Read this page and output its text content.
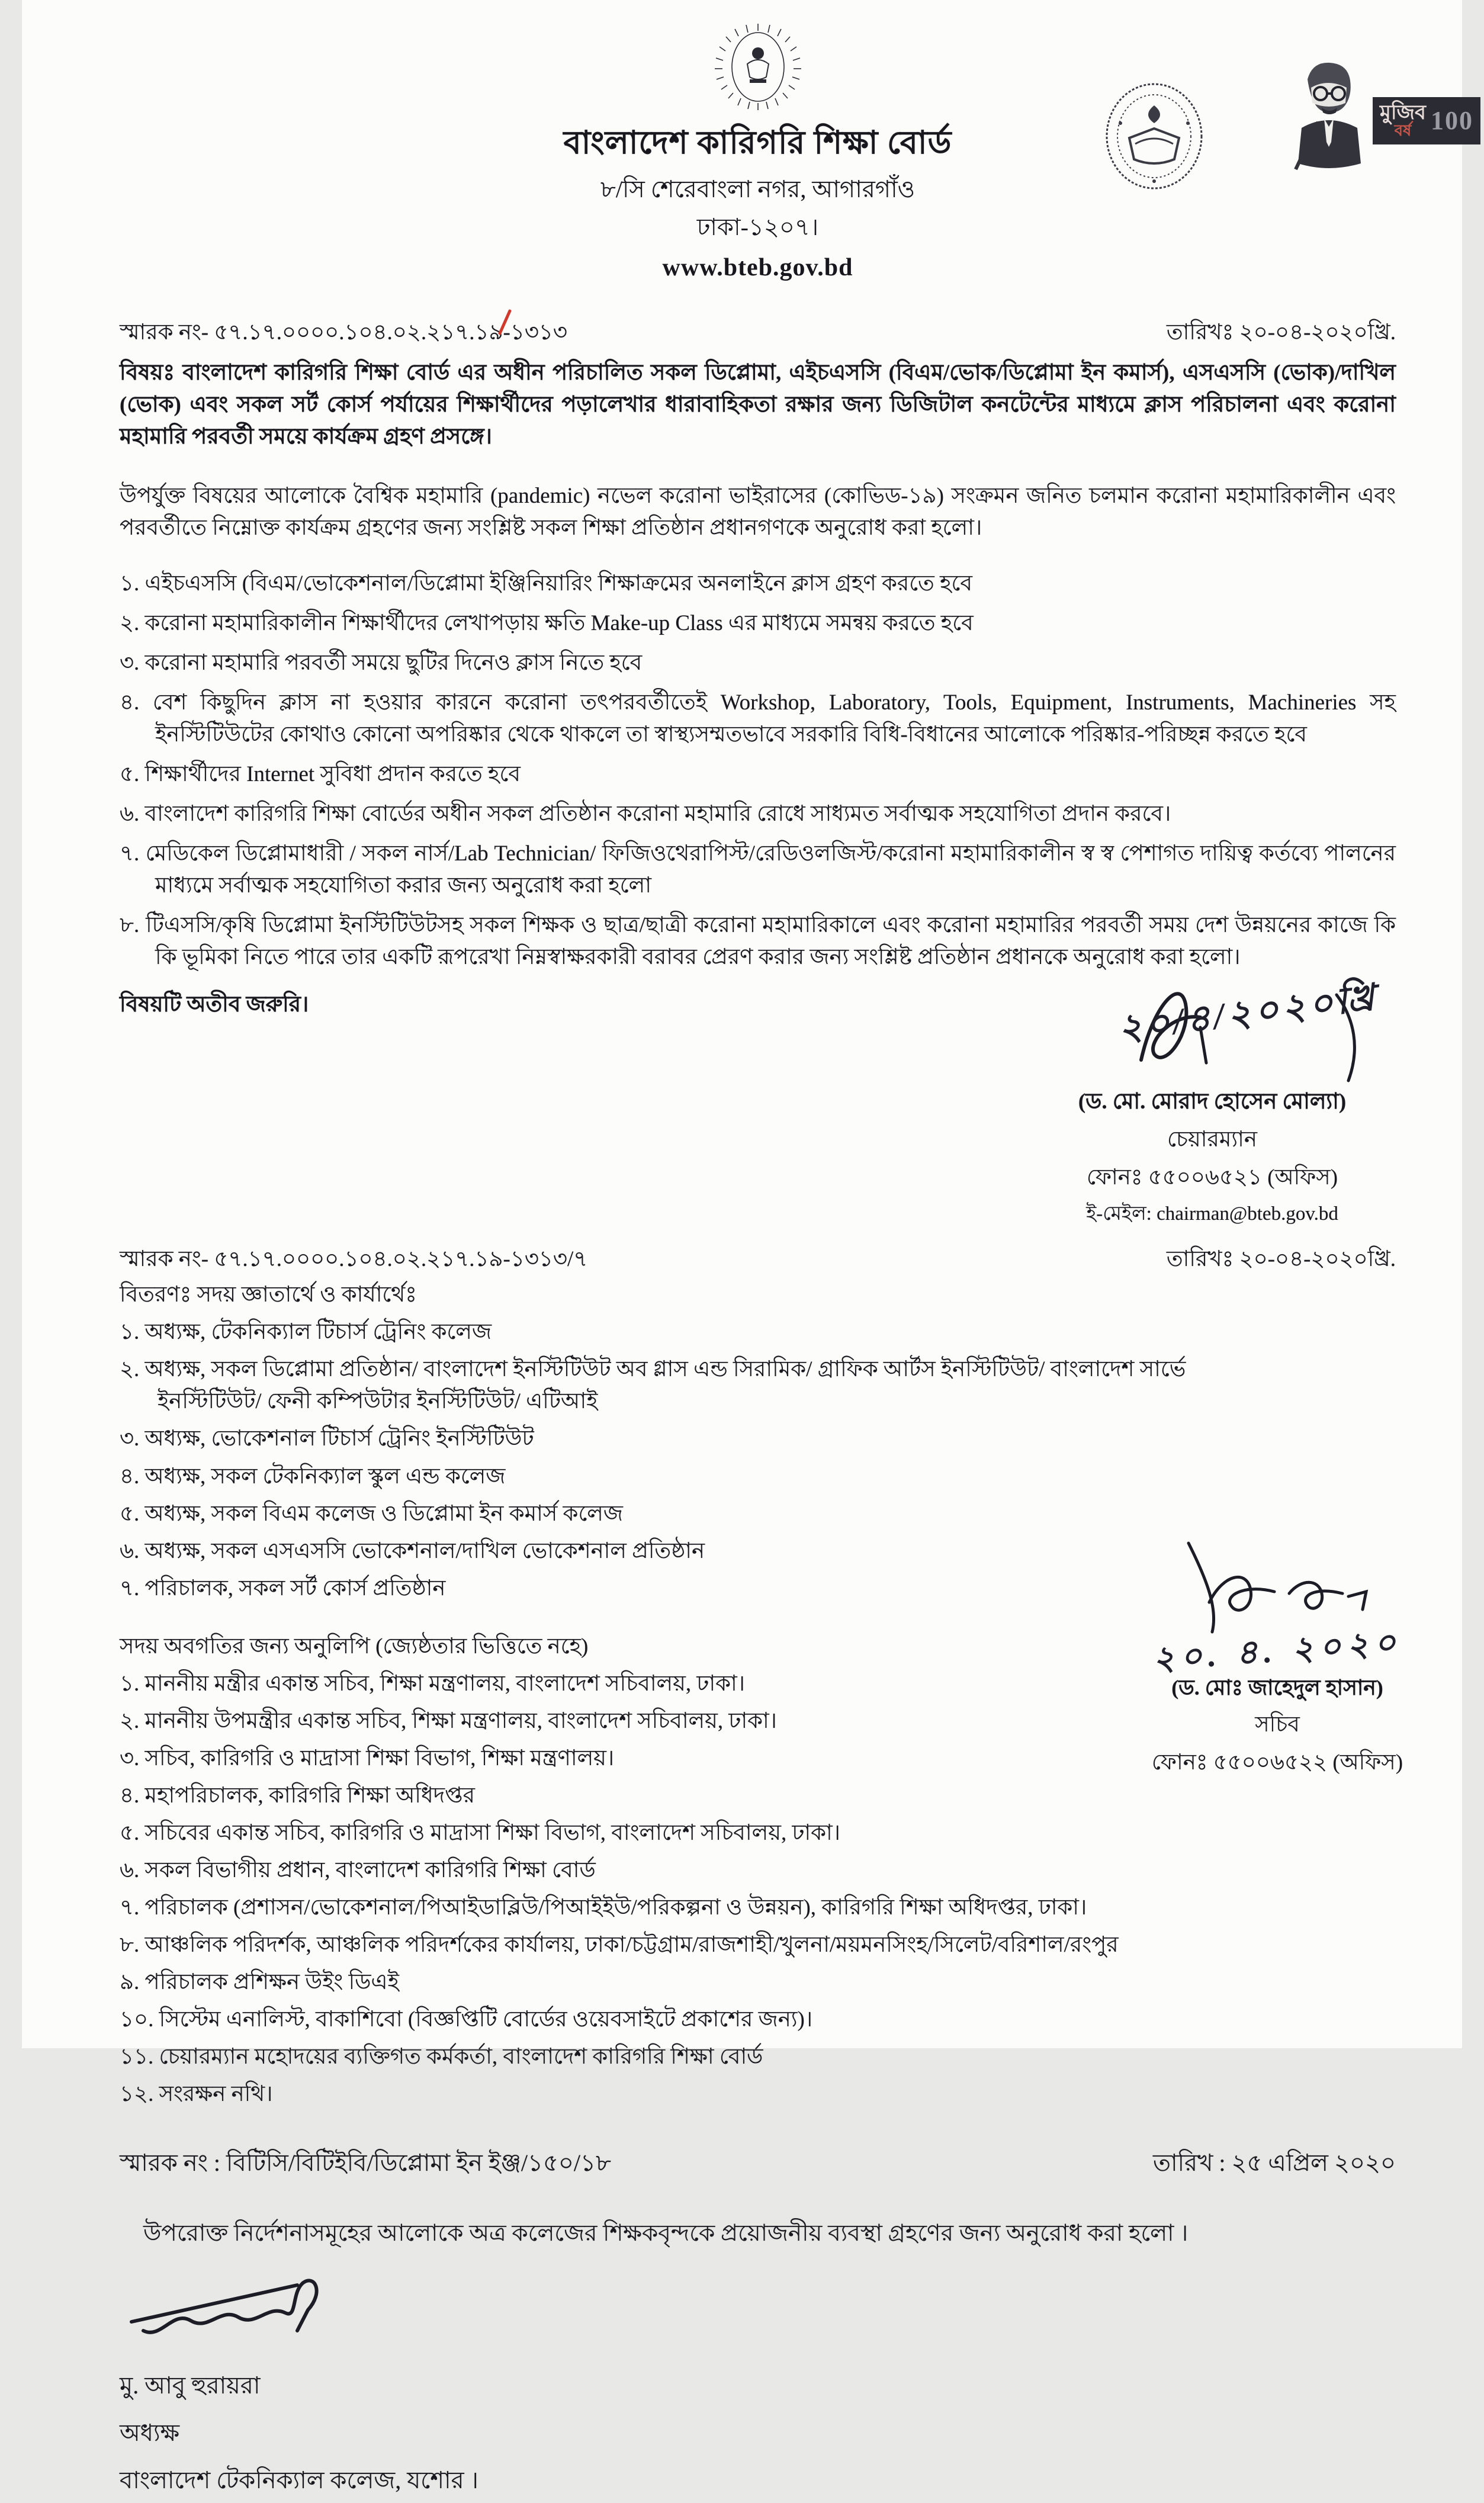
বাংলাদেশ কারিগরি শিক্ষা বোর্ড
৮/সি শেরেবাংলা নগর, আগারগাঁও
ঢাকা-১২০৭।
www.bteb.gov.bd
মুজিব
বর্ষ 100
স্মারক নং- ৫৭.১৭.০০০০.১০৪.০২.২১৭.১৯-১৩১৩	তারিখঃ ২০-০৪-২০২০খ্রি.
বিষয়ঃ বাংলাদেশ কারিগরি শিক্ষা বোর্ড এর অধীন পরিচালিত সকল ডিপ্লোমা, এইচএসসি (বিএম/ভোক/ডিপ্লোমা ইন কমার্স), এসএসসি (ভোক)/দাখিল (ভোক) এবং সকল সর্ট কোর্স পর্যায়ের শিক্ষার্থীদের পড়ালেখার ধারাবাহিকতা রক্ষার জন্য ডিজিটাল কনটেন্টের মাধ্যমে ক্লাস পরিচালনা এবং করোনা মহামারি পরবর্তী সময়ে কার্যক্রম গ্রহণ প্রসঙ্গে।
উপর্যুক্ত বিষয়ের আলোকে বৈশ্বিক মহামারি (pandemic) নভেল করোনা ভাইরাসের (কোভিড-১৯) সংক্রমন জনিত চলমান করোনা মহামারিকালীন এবং পরবর্তীতে নিম্নোক্ত কার্যক্রম গ্রহণের জন্য সংশ্লিষ্ট সকল শিক্ষা প্রতিষ্ঠান প্রধানগণকে অনুরোধ করা হলো।
১. এইচএসসি (বিএম/ভোকেশনাল/ডিপ্লোমা ইঞ্জিনিয়ারিং শিক্ষাক্রমের অনলাইনে ক্লাস গ্রহণ করতে হবে
২. করোনা মহামারিকালীন শিক্ষার্থীদের লেখাপড়ায় ক্ষতি Make-up Class এর মাধ্যমে সমন্বয় করতে হবে
৩. করোনা মহামারি পরবর্তী সময়ে ছুটির দিনেও ক্লাস নিতে হবে
৪. বেশ কিছুদিন ক্লাস না হওয়ার কারনে করোনা তৎপরবর্তীতেই Workshop, Laboratory, Tools, Equipment, Instruments, Machineries সহ ইনস্টিটিউটের কোথাও কোনো অপরিষ্কার থেকে থাকলে তা স্বাস্থ্যসম্মতভাবে সরকারি বিধি-বিধানের আলোকে পরিষ্কার-পরিচ্ছন্ন করতে হবে
৫. শিক্ষার্থীদের Internet সুবিধা প্রদান করতে হবে
৬. বাংলাদেশ কারিগরি শিক্ষা বোর্ডের অধীন সকল প্রতিষ্ঠান করোনা মহামারি রোধে সাধ্যমত সর্বাত্মক সহযোগিতা প্রদান করবে।
৭. মেডিকেল ডিপ্লোমাধারী / সকল নার্স/Lab Technician/ ফিজিওথেরাপিস্ট/রেডিওলজিস্ট/করোনা মহামারিকালীন স্ব স্ব পেশাগত দায়িত্ব কর্তব্যে পালনের মাধ্যমে সর্বাত্মক সহযোগিতা করার জন্য অনুরোধ করা হলো
৮. টিএসসি/কৃষি ডিপ্লোমা ইনস্টিটিউটসহ সকল শিক্ষক ও ছাত্র/ছাত্রী করোনা মহামারিকালে এবং করোনা মহামারির পরবর্তী সময় দেশ উন্নয়নের কাজে কি কি ভূমিকা নিতে পারে তার একটি রূপরেখা নিম্নস্বাক্ষরকারী বরাবর প্রেরণ করার জন্য সংশ্লিষ্ট প্রতিষ্ঠান প্রধানকে অনুরোধ করা হলো।
বিষয়টি অতীব জরুরি।	২০/৪/২০২০খ্রি
(ড. মো. মোরাদ হোসেন মোল্যা)
চেয়ারম্যান
ফোনঃ ৫৫০০৬৫২১ (অফিস)
ই-মেইল: chairman@bteb.gov.bd
স্মারক নং- ৫৭.১৭.০০০০.১০৪.০২.২১৭.১৯-১৩১৩/৭	তারিখঃ ২০-০৪-২০২০খ্রি.
বিতরণঃ সদয় জ্ঞাতার্থে ও কার্যার্থেঃ
১. অধ্যক্ষ, টেকনিক্যাল টিচার্স ট্রেনিং কলেজ
২. অধ্যক্ষ, সকল ডিপ্লোমা প্রতিষ্ঠান/ বাংলাদেশ ইনস্টিটিউট অব গ্লাস এন্ড সিরামিক/ গ্রাফিক আর্টস ইনস্টিটিউট/ বাংলাদেশ সার্ভে ইনস্টিটিউট/ ফেনী কম্পিউটার ইনস্টিটিউট/ এটিআই
৩. অধ্যক্ষ, ভোকেশনাল টিচার্স ট্রেনিং ইনস্টিটিউট
৪. অধ্যক্ষ, সকল টেকনিক্যাল স্কুল এন্ড কলেজ
৫. অধ্যক্ষ, সকল বিএম কলেজ ও ডিপ্লোমা ইন কমার্স কলেজ
৬. অধ্যক্ষ, সকল এসএসসি ভোকেশনাল/দাখিল ভোকেশনাল প্রতিষ্ঠান
৭. পরিচালক, সকল সর্ট কোর্স প্রতিষ্ঠান
সদয় অবগতির জন্য অনুলিপি (জ্যেষ্ঠতার ভিত্তিতে নহে)
১. মাননীয় মন্ত্রীর একান্ত সচিব, শিক্ষা মন্ত্রণালয়, বাংলাদেশ সচিবালয়, ঢাকা।
২. মাননীয় উপমন্ত্রীর একান্ত সচিব, শিক্ষা মন্ত্রণালয়, বাংলাদেশ সচিবালয়, ঢাকা।
৩. সচিব, কারিগরি ও মাদ্রাসা শিক্ষা বিভাগ, শিক্ষা মন্ত্রণালয়।
৪. মহাপরিচালক, কারিগরি শিক্ষা অধিদপ্তর
৫. সচিবের একান্ত সচিব, কারিগরি ও মাদ্রাসা শিক্ষা বিভাগ, বাংলাদেশ সচিবালয়, ঢাকা।
৬. সকল বিভাগীয় প্রধান, বাংলাদেশ কারিগরি শিক্ষা বোর্ড
৭. পরিচালক (প্রশাসন/ভোকেশনাল/পিআইডাব্লিউ/পিআইইউ/পরিকল্পনা ও উন্নয়ন), কারিগরি শিক্ষা অধিদপ্তর, ঢাকা।
৮. আঞ্চলিক পরিদর্শক, আঞ্চলিক পরিদর্শকের কার্যালয়, ঢাকা/চট্টগ্রাম/রাজশাহী/খুলনা/ময়মনসিংহ/সিলেট/বরিশাল/রংপুর
৯. পরিচালক প্রশিক্ষন উইং ডিএই
১০. সিস্টেম এনালিস্ট, বাকাশিবো (বিজ্ঞপ্তিটি বোর্ডের ওয়েবসাইটে প্রকাশের জন্য)।
১১. চেয়ারম্যান মহোদয়ের ব্যক্তিগত কর্মকর্তা, বাংলাদেশ কারিগরি শিক্ষা বোর্ড
১২. সংরক্ষন নথি।
২০. ৪. ২০২০
(ড. মোঃ জাহেদুল হাসান)
সচিব
ফোনঃ ৫৫০০৬৫২২ (অফিস)
স্মারক নং : বিটিসি/বিটিইবি/ডিপ্লোমা ইন ইঞ্জ/১৫০/১৮	তারিখ : ২৫ এপ্রিল ২০২০
উপরোক্ত নির্দেশনাসমূহের আলোকে অত্র কলেজের শিক্ষকবৃন্দকে প্রয়োজনীয় ব্যবস্থা গ্রহণের জন্য অনুরোধ করা হলো ।
মু. আবু হুরায়রা
অধ্যক্ষ
বাংলাদেশ টেকনিক্যাল কলেজ, যশোর ।
